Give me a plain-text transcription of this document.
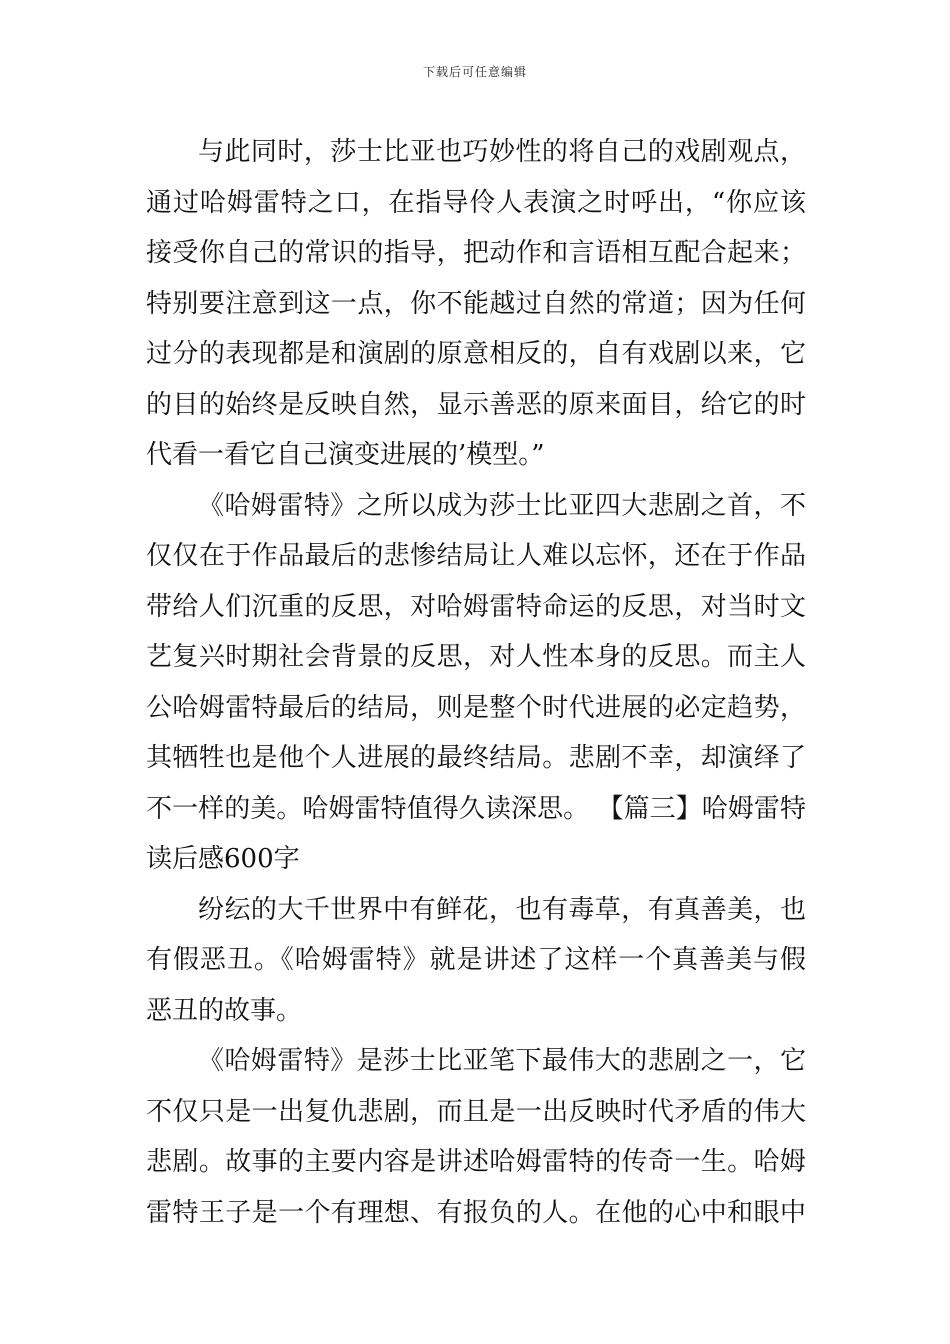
下载后可任意编辑
与此同时，莎士比亚也巧妙性的将自己的戏剧观点，
通过哈姆雷特之口，在指导伶人表演之时呼出，“你应该
接受你自己的常识的指导，把动作和言语相互配合起来；
特别要注意到这一点，你不能越过自然的常道；因为任何
过分的表现都是和演剧的原意相反的，自有戏剧以来，它
的目的始终是反映自然，显示善恶的原来面目，给它的时
代看一看它自己演变进展的’模型。”
《哈姆雷特》之所以成为莎士比亚四大悲剧之首，不
仅仅在于作品最后的悲惨结局让人难以忘怀，还在于作品
带给人们沉重的反思，对哈姆雷特命运的反思，对当时文
艺复兴时期社会背景的反思，对人性本身的反思。而主人
公哈姆雷特最后的结局，则是整个时代进展的必定趋势，
其牺牲也是他个人进展的最终结局。悲剧不幸，却演绎了
不一样的美。哈姆雷特值得久读深思。 【篇三】哈姆雷特
读后感600字
纷纭的大千世界中有鲜花，也有毒草，有真善美，也
有假恶丑。《哈姆雷特》就是讲述了这样一个真善美与假
恶丑的故事。
《哈姆雷特》是莎士比亚笔下最伟大的悲剧之一，它
不仅只是一出复仇悲剧，而且是一出反映时代矛盾的伟大
悲剧。故事的主要内容是讲述哈姆雷特的传奇一生。哈姆
雷特王子是一个有理想、有报负的人。在他的心中和眼中
